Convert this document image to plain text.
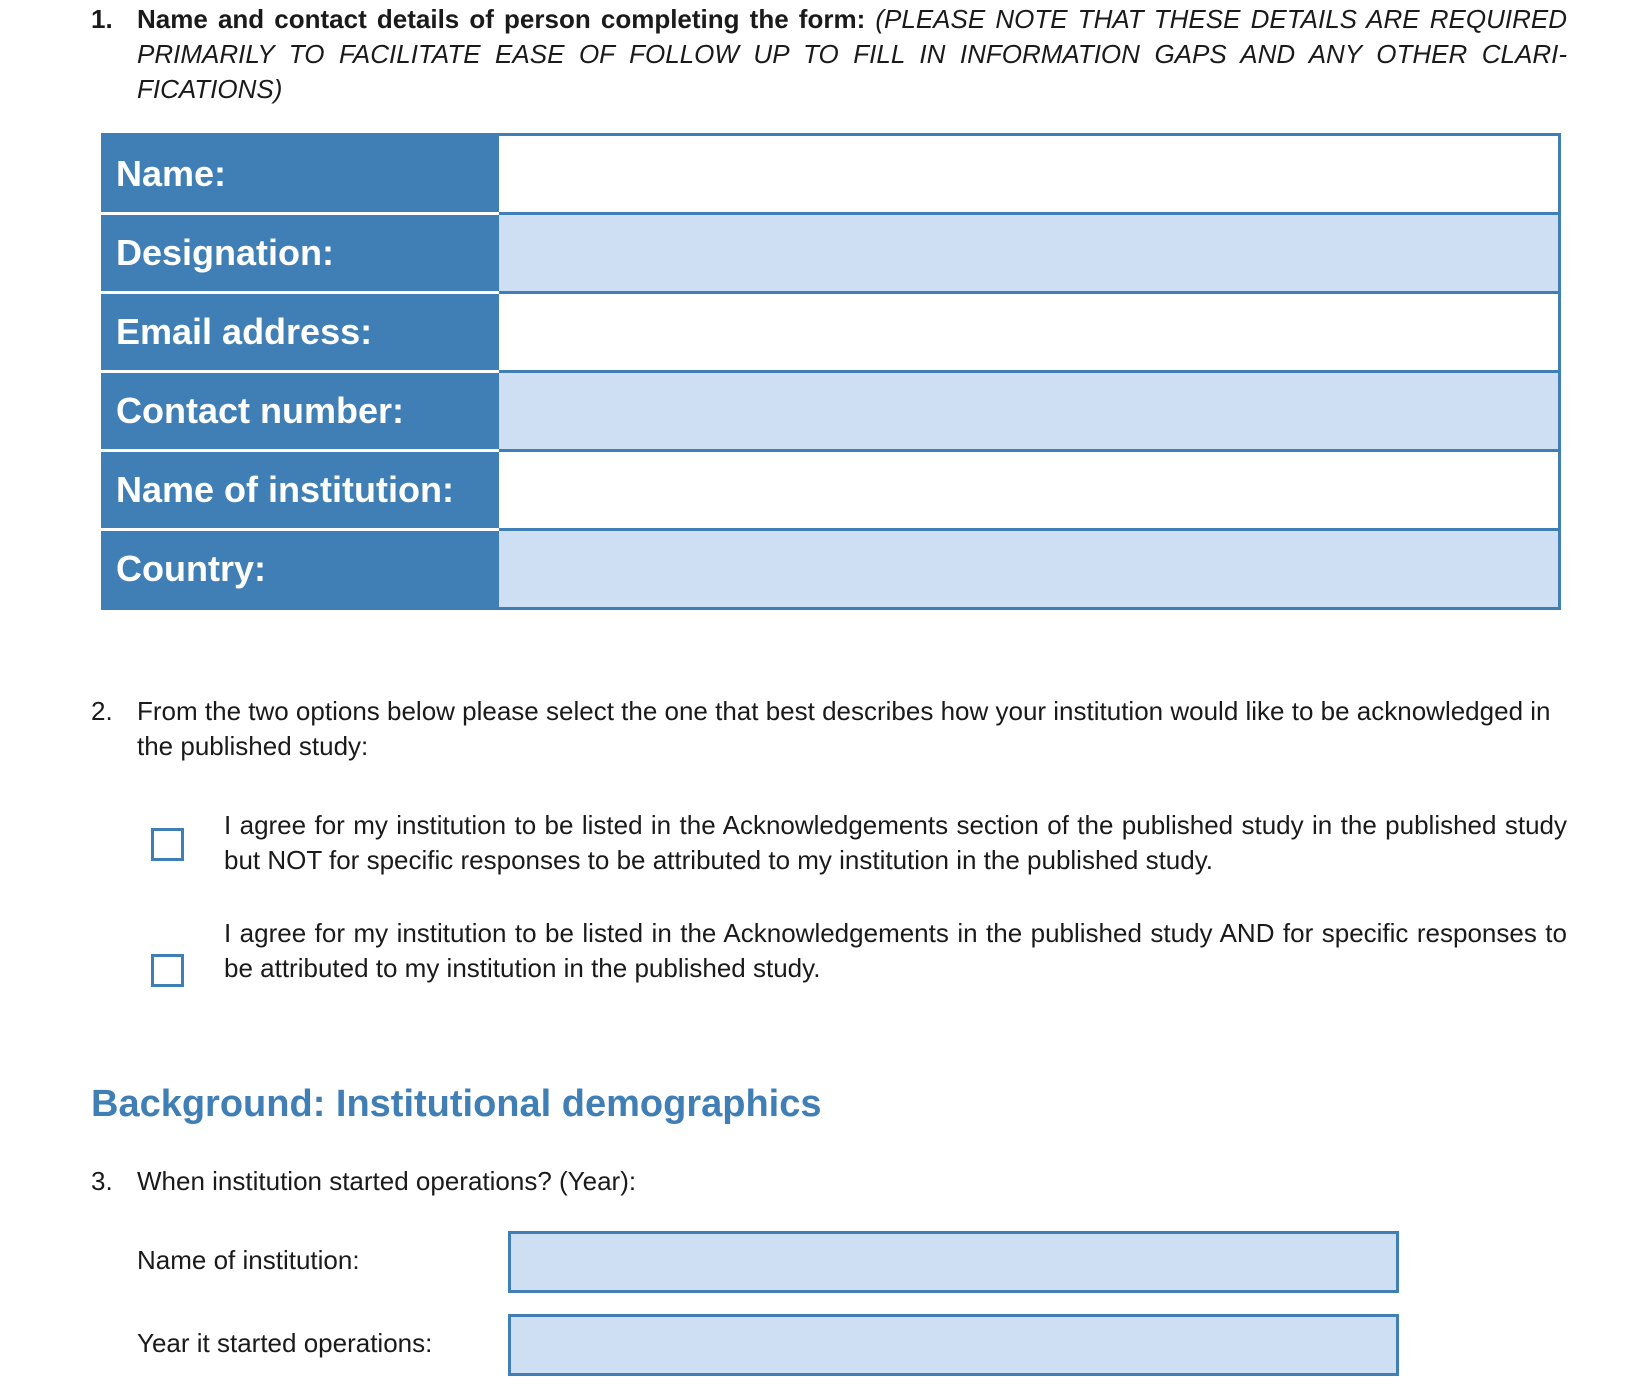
1. Name and contact details of person completing the form: (PLEASE NOTE THAT THESE DETAILS ARE REQUIRED PRIMARILY TO FACILITATE EASE OF FOLLOW UP TO FILL IN INFORMATION GAPS AND ANY OTHER CLARI-FICATIONS)
Name:	
Designation:	
Email address:	
Contact number:	
Name of institution:	
Country:	
2. From the two options below please select the one that best describes how your institution would like to be acknowledged in the published study:
I agree for my institution to be listed in the Acknowledgements section of the published study in the published study but NOT for specific responses to be attributed to my institution in the published study.
I agree for my institution to be listed in the Acknowledgements in the published study AND for specific responses to be attributed to my institution in the published study.
Background: Institutional demographics
3. When institution started operations? (Year):
Name of institution:
Year it started operations:
